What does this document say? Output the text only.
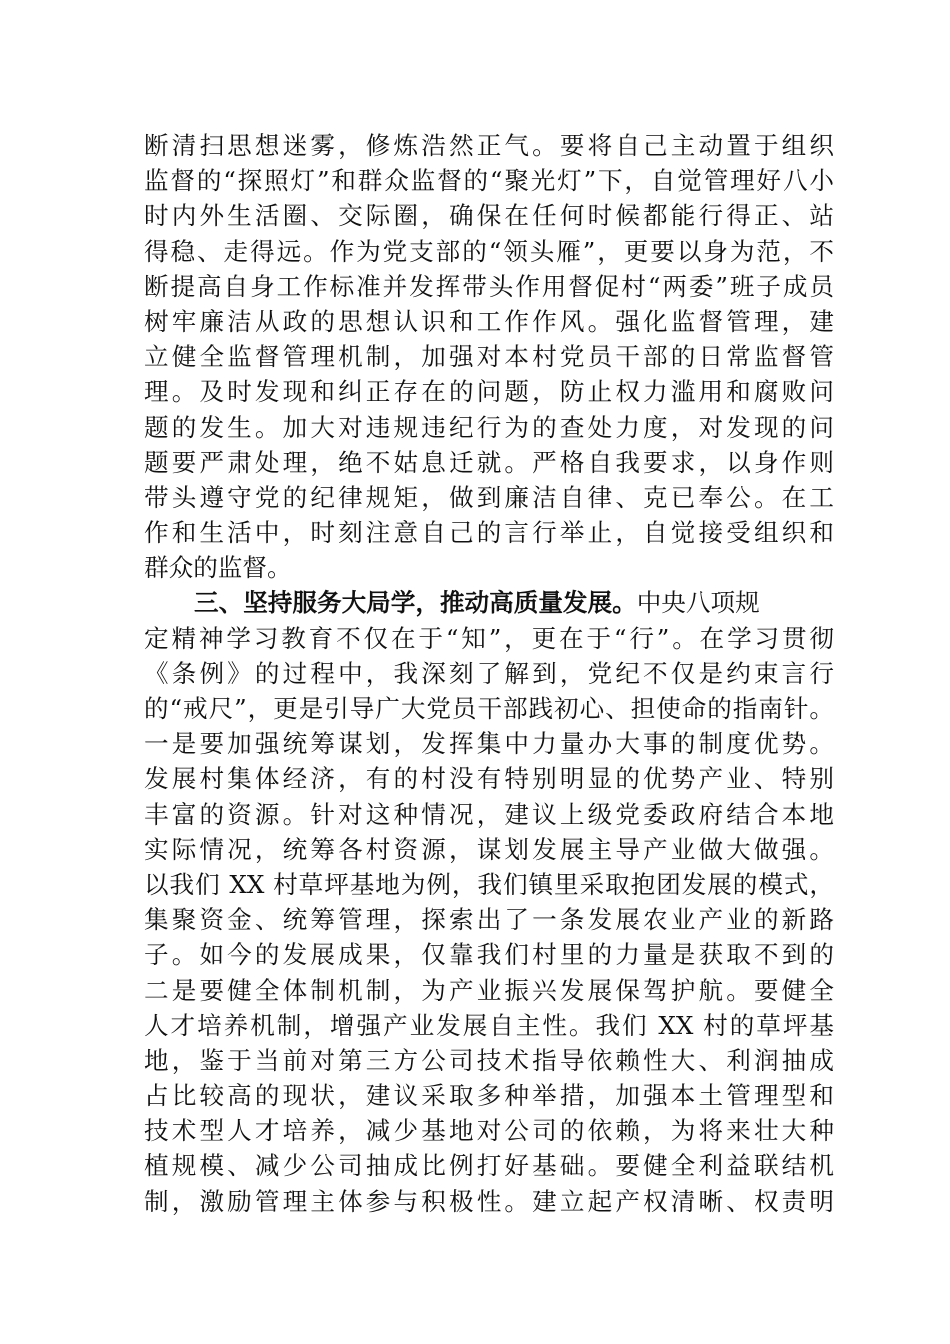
断清扫思想迷雾，修炼浩然正气。要将自己主动置于组织
监督的“探照灯”和群众监督的“聚光灯”下，自觉管理好八小
时内外生活圈、交际圈，确保在任何时候都能行得正、站
得稳、走得远。作为党支部的“领头雁”，更要以身为范，不
断提高自身工作标准并发挥带头作用督促村“两委”班子成员
树牢廉洁从政的思想认识和工作作风。强化监督管理，建
立健全监督管理机制，加强对本村党员干部的日常监督管
理。及时发现和纠正存在的问题，防止权力滥用和腐败问
题的发生。加大对违规违纪行为的查处力度，对发现的问
题要严肃处理，绝不姑息迁就。严格自我要求，以身作则
带头遵守党的纪律规矩，做到廉洁自律、克已奉公。在工
作和生活中，时刻注意自己的言行举止，自觉接受组织和
群众的监督。
三、坚持服务大局学，推动高质量发展。中央八项规
定精神学习教育不仅在于“知”，更在于“行”。在学习贯彻
《条例》的过程中，我深刻了解到，党纪不仅是约束言行
的“戒尺”，更是引导广大党员干部践初心、担使命的指南针。
一是要加强统筹谋划，发挥集中力量办大事的制度优势。
发展村集体经济，有的村没有特别明显的优势产业、特别
丰富的资源。针对这种情况，建议上级党委政府结合本地
实际情况，统筹各村资源，谋划发展主导产业做大做强。
以我们 XX 村草坪基地为例，我们镇里采取抱团发展的模式，
集聚资金、统筹管理，探索出了一条发展农业产业的新路
子。如今的发展成果，仅靠我们村里的力量是获取不到的
二是要健全体制机制，为产业振兴发展保驾护航。要健全
人才培养机制，增强产业发展自主性。我们 XX 村的草坪基
地，鉴于当前对第三方公司技术指导依赖性大、利润抽成
占比较高的现状，建议采取多种举措，加强本土管理型和
技术型人才培养，减少基地对公司的依赖，为将来壮大种
植规模、减少公司抽成比例打好基础。要健全利益联结机
制，激励管理主体参与积极性。建立起产权清晰、权责明
